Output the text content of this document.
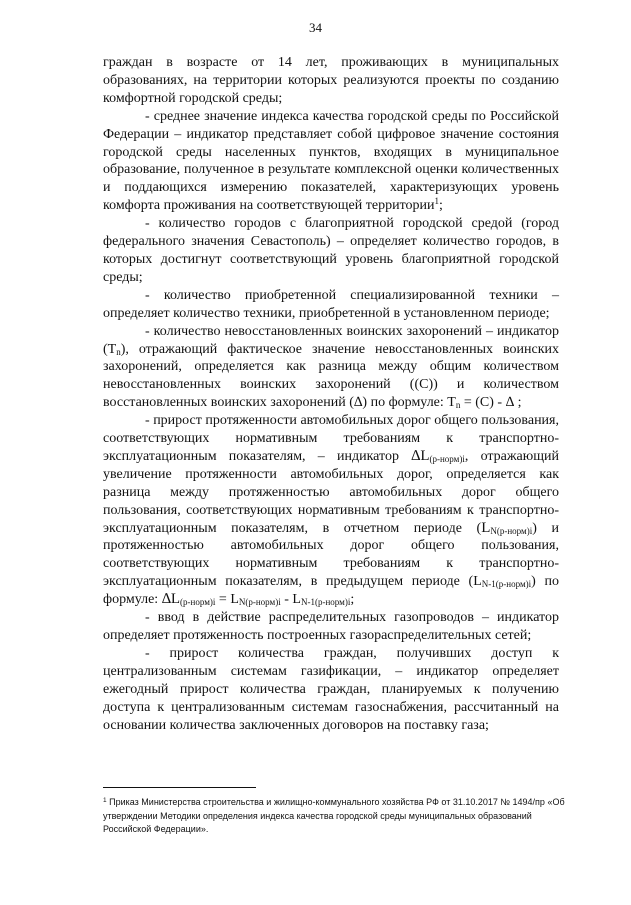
34

граждан в возрасте от 14 лет, проживающих в муниципальных образованиях, на территории которых реализуются проекты по созданию комфортной городской среды;

- среднее значение индекса качества городской среды по Российской Федерации – индикатор представляет собой цифровое значение состояния городской среды населенных пунктов, входящих в муниципальное образование, полученное в результате комплексной оценки количественных и поддающихся измерению показателей, характеризующих уровень комфорта проживания на соответствующей территории$^1$;

- количество городов с благоприятной городской средой (город федерального значения Севастополь) – определяет количество городов, в которых достигнут соответствующий уровень благоприятной городской среды;

- количество приобретенной специализированной техники – определяет количество техники, приобретенной в установленном периоде;

- количество невосстановленных воинских захоронений – индикатор $(T_n)$, отражающий фактическое значение невосстановленных воинских захоронений, определяется как разница между общим количеством невосстановленных воинских захоронений ((C)) и количеством восстановленных воинских захоронений (∆) по формуле: $T_n = (C)$ - ∆ ;

- прирост протяженности автомобильных дорог общего пользования, соответствующих нормативным требованиям к транспортно-эксплуатационным показателям, – индикатор $\Delta L_{(р-норм)i}$, отражающий увеличение протяженности автомобильных дорог, определяется как разница между протяженностью автомобильных дорог общего пользования, соответствующих нормативным требованиям к транспортно-эксплуатационным показателям, в отчетном периоде $(L_{N(р-норм)i})$ и протяженностью автомобильных дорог общего пользования, соответствующих нормативным требованиям к транспортно-эксплуатационным показателям, в предыдущем периоде $(L_{N-1(р-норм)i})$ по формуле: $\Delta L_{(р-норм)i} = L_{N(р-норм)i} - L_{N-1(р-норм)i}$;

- ввод в действие распределительных газопроводов – индикатор определяет протяженность построенных газораспределительных сетей;

- прирост количества граждан, получивших доступ к централизованным системам газификации, – индикатор определяет ежегодный прирост количества граждан, планируемых к получению доступа к централизованным системам газоснабжения, рассчитанный на основании количества заключенных договоров на поставку газа;

$^1$ Приказ Министерства строительства и жилищно-коммунального хозяйства РФ от 31.10.2017 № 1494/пр «Об утверждении Методики определения индекса качества городской среды муниципальных образований Российской Федерации».
